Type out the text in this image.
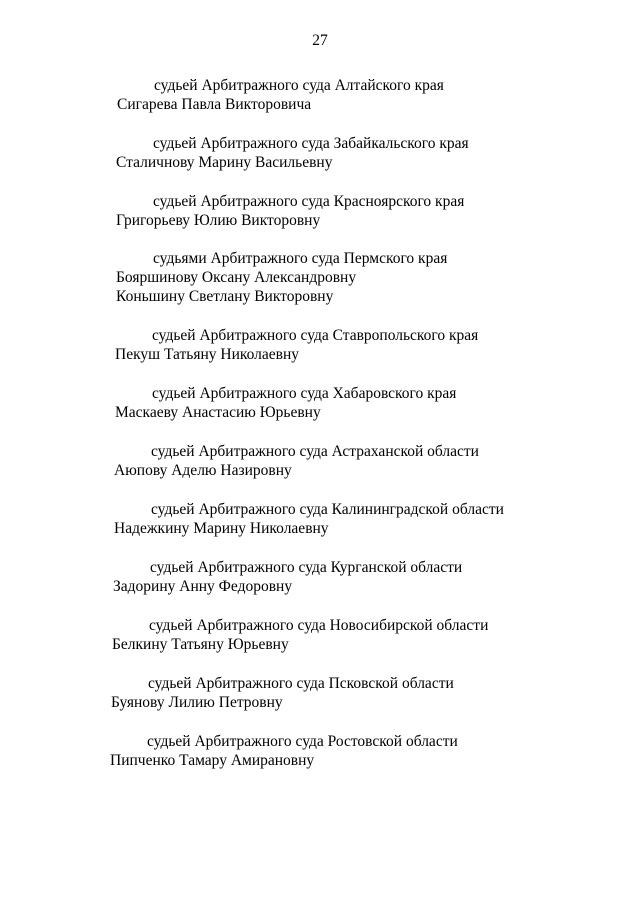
27
судьей Арбитражного суда Алтайского края
Сигарева Павла Викторовича
судьей Арбитражного суда Забайкальского края
Сталичнову Марину Васильевну
судьей Арбитражного суда Красноярского края
Григорьеву Юлию Викторовну
судьями Арбитражного суда Пермского края
Бояршинову Оксану Александровну
Коньшину Светлану Викторовну
судьей Арбитражного суда Ставропольского края
Пекуш Татьяну Николаевну
судьей Арбитражного суда Хабаровского края
Маскаеву Анастасию Юрьевну
судьей Арбитражного суда Астраханской области
Аюпову Аделю Назировну
судьей Арбитражного суда Калининградской области
Надежкину Марину Николаевну
судьей Арбитражного суда Курганской области
Задорину Анну Федоровну
судьей Арбитражного суда Новосибирской области
Белкину Татьяну Юрьевну
судьей Арбитражного суда Псковской области
Буянову Лилию Петровну
судьей Арбитражного суда Ростовской области
Пипченко Тамару Амирановну
